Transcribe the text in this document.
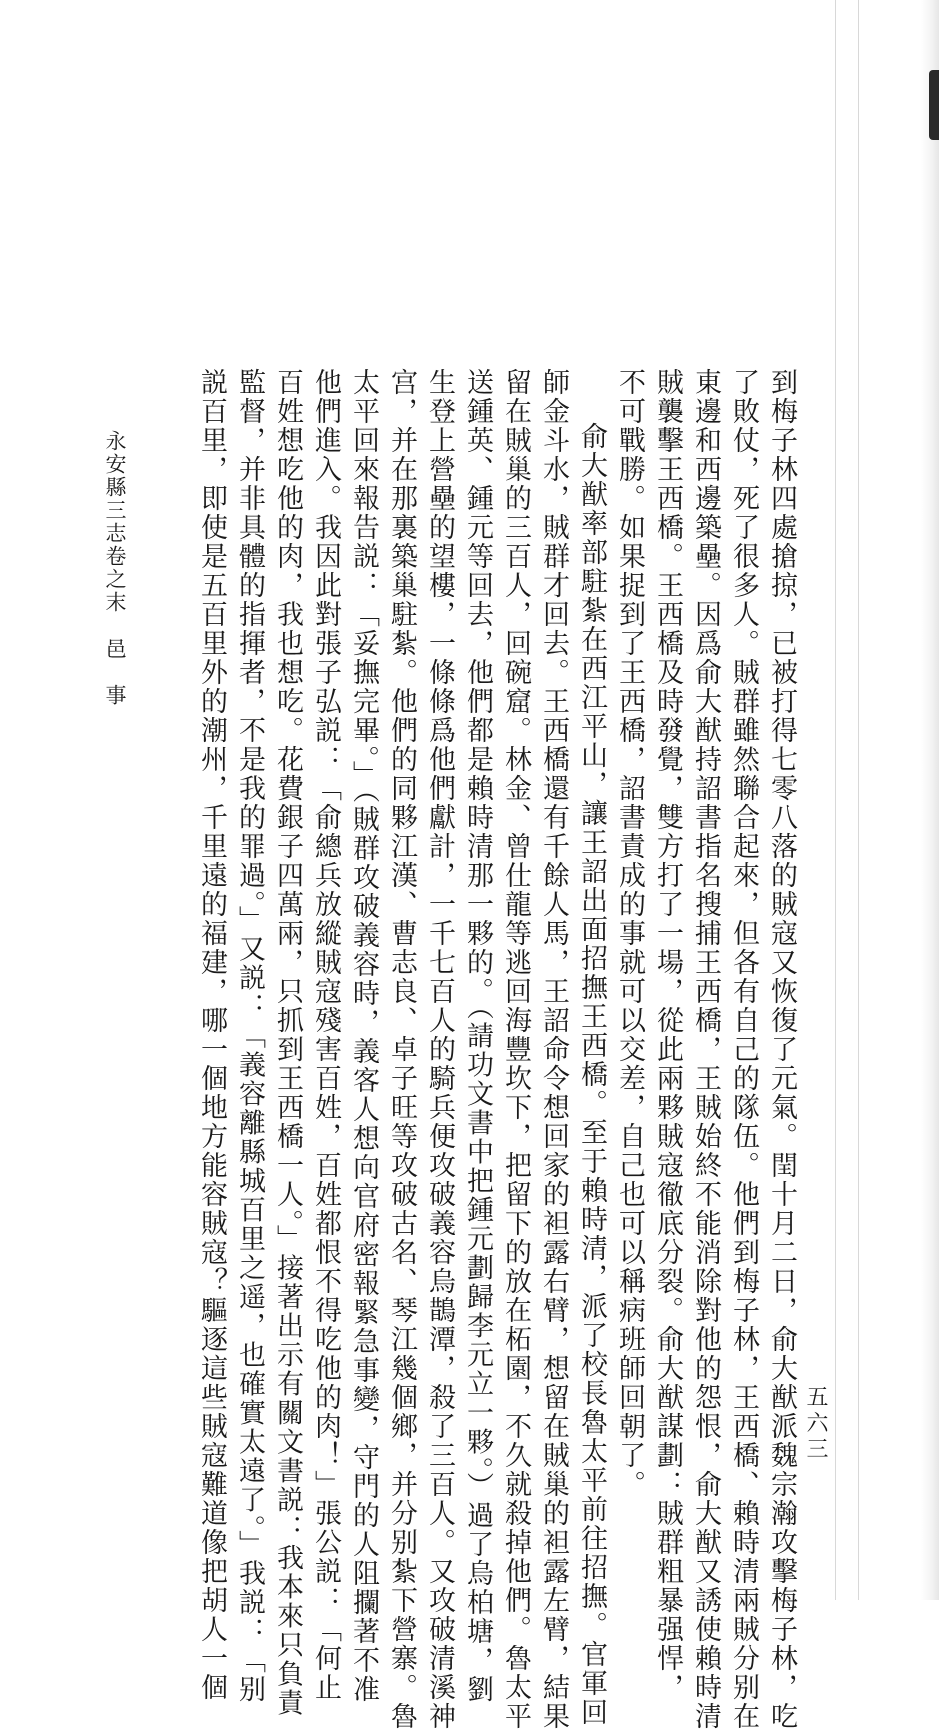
五六三
到梅子林四處搶掠，已被打得七零八落的賊寇又恢復了元氣。閏十月二日，俞大猷派魏宗瀚攻擊梅子林，吃
了敗仗，死了很多人。賊群雖然聯合起來，但各有自己的隊伍。他們到梅子林，王西橋、賴時清兩賊分别在
東邊和西邊築壘。因爲俞大猷持詔書指名搜捕王西橋，王賊始終不能消除對他的怨恨，俞大猷又誘使賴時清
賊襲擊王西橋。王西橋及時發覺，雙方打了一場，從此兩夥賊寇徹底分裂。俞大猷謀劃：賊群粗暴强悍，
不可戰勝。如果捉到了王西橋，詔書責成的事就可以交差，自己也可以稱病班師回朝了。
俞大猷率部駐紮在西江平山，讓王詔出面招撫王西橋。至于賴時清，派了校長魯太平前往招撫。官軍回
師金斗水，賊群才回去。王西橋還有千餘人馬，王詔命令想回家的袒露右臂，想留在賊巢的袒露左臂，結果
留在賊巢的三百人，回碗窟。林金、曾仕龍等逃回海豐坎下，把留下的放在柘園，不久就殺掉他們。魯太平
送鍾英、鍾元等回去，他們都是賴時清那一夥的。（請功文書中把鍾元劃歸李元立一夥。）過了烏柏塘，劉
生登上營壘的望樓，一條條爲他們獻計，一千七百人的騎兵便攻破義容烏鵲潭，殺了三百人。又攻破清溪神
宫，并在那裏築巢駐紮。他們的同夥江漢、曹志良、卓子旺等攻破古名、琴江幾個鄉，并分别紮下營寨。魯
太平回來報告説：「妥撫完畢。」（賊群攻破義容時，義客人想向官府密報緊急事變，守門的人阻攔著不准
他們進入。我因此對張子弘説：「俞總兵放縱賊寇殘害百姓，百姓都恨不得吃他的肉！」張公説：「何止
百姓想吃他的肉，我也想吃。花費銀子四萬兩，只抓到王西橋一人。」接著出示有關文書説：我本來只負責
監督，并非具體的指揮者，不是我的罪過。」又説：「義容離縣城百里之遥，也確實太遠了。」我説：「别
説百里，即使是五百里外的潮州，千里遠的福建，哪一個地方能容賊寇？驅逐這些賊寇難道像把胡人一個
永安縣三志卷之末邑　事
